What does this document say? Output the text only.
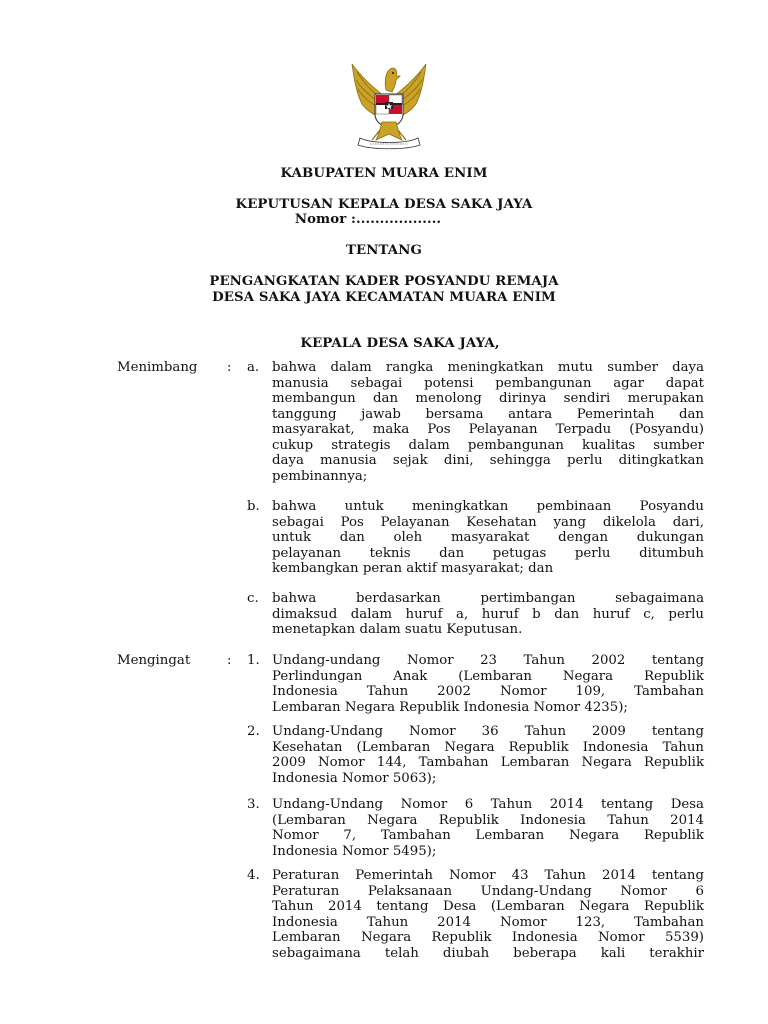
KABUPATEN MUARA ENIM
KEPUTUSAN KEPALA DESA SAKA JAYA
Nomor :..................
TENTANG
PENGANGKATAN KADER POSYANDU REMAJA
DESA SAKA JAYA KECAMATAN MUARA ENIM
KEPALA DESA SAKA JAYA,
Menimbang : a. bahwa dalam rangka meningkatkan mutu sumber daya
manusia sebagai potensi pembangunan agar dapat
membangun dan menolong dirinya sendiri merupakan
tanggung jawab bersama antara Pemerintah dan
masyarakat, maka Pos Pelayanan Terpadu (Posyandu)
cukup strategis dalam pembangunan kualitas sumber
daya manusia sejak dini, sehingga perlu ditingkatkan
pembinannya;
b. bahwa untuk meningkatkan pembinaan Posyandu
sebagai Pos Pelayanan Kesehatan yang dikelola dari,
untuk dan oleh masyarakat dengan dukungan
pelayanan teknis dan petugas perlu ditumbuh
kembangkan peran aktif masyarakat; dan
c. bahwa berdasarkan pertimbangan sebagaimana
dimaksud dalam huruf a, huruf b dan huruf c, perlu
menetapkan dalam suatu Keputusan.
Mengingat	: 1. Undang-undang Nomor 23 Tahun 2002 tentang
Perlindungan Anak (Lembaran Negara Republik
Indonesia Tahun 2002 Nomor 109, Tambahan
Lembaran Negara Republik Indonesia Nomor 4235);
2. Undang-Undang Nomor 36 Tahun 2009 tentang
Kesehatan (Lembaran Negara Republik Indonesia Tahun
2009 Nomor 144, Tambahan Lembaran Negara Republik
Indonesia Nomor 5063);
3. Undang-Undang Nomor 6 Tahun 2014 tentang Desa
(Lembaran Negara Republik Indonesia Tahun 2014
Nomor 7, Tambahan Lembaran Negara Republik
Indonesia Nomor 5495);
4. Peraturan Pemerintah Nomor 43 Tahun 2014 tentang
Peraturan Pelaksanaan Undang-Undang Nomor 6
Tahun 2014 tentang Desa (Lembaran Negara Republik
Indonesia Tahun 2014 Nomor 123, Tambahan
Lembaran Negara Republik Indonesia Nomor 5539)
sebagaimana telah diubah beberapa kali terakhir
